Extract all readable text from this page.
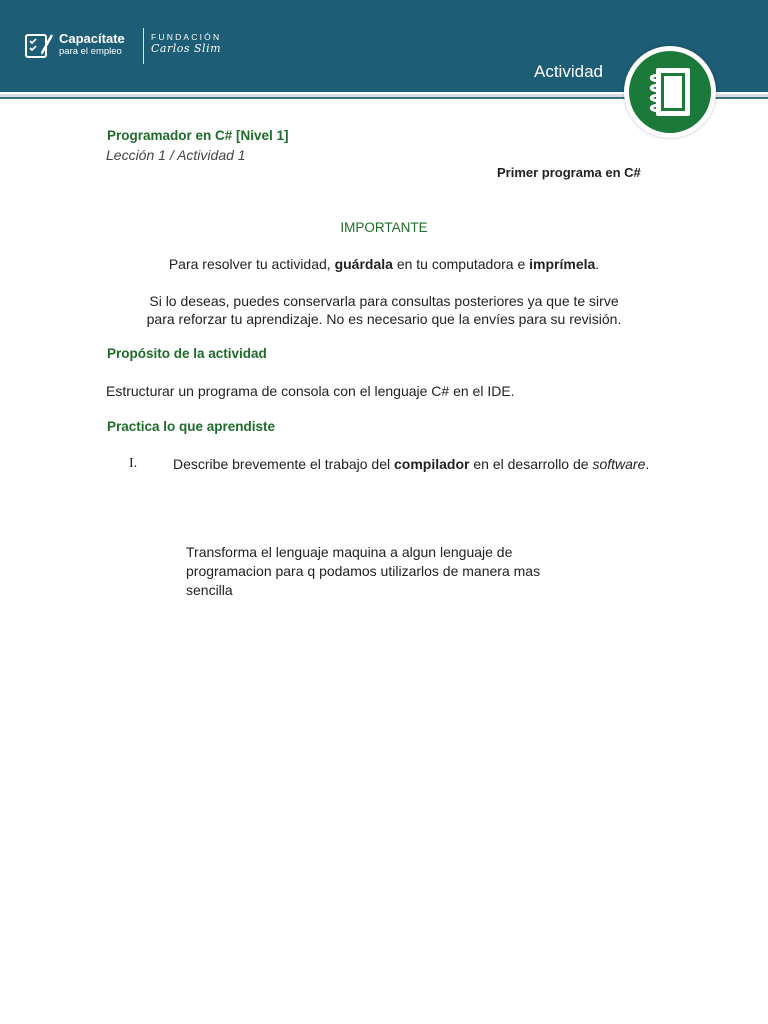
Capacítate
para el empleo
FUNDACIÓN
Carlos Slim
Actividad
Programador en C# [Nivel 1]
Lección 1 / Actividad 1
Primer programa en C#
IMPORTANTE
Para resolver tu actividad, guárdala en tu computadora e imprímela.
Si lo deseas, puedes conservarla para consultas posteriores ya que te sirve
para reforzar tu aprendizaje. No es necesario que la envíes para su revisión.
Propósito de la actividad
Estructurar un programa de consola con el lenguaje C# en el IDE.
Practica lo que aprendiste
I.	Describe brevemente el trabajo del compilador en el desarrollo de software.
Transforma el lenguaje maquina a algun lenguaje de
programacion para q podamos utilizarlos de manera mas
sencilla
